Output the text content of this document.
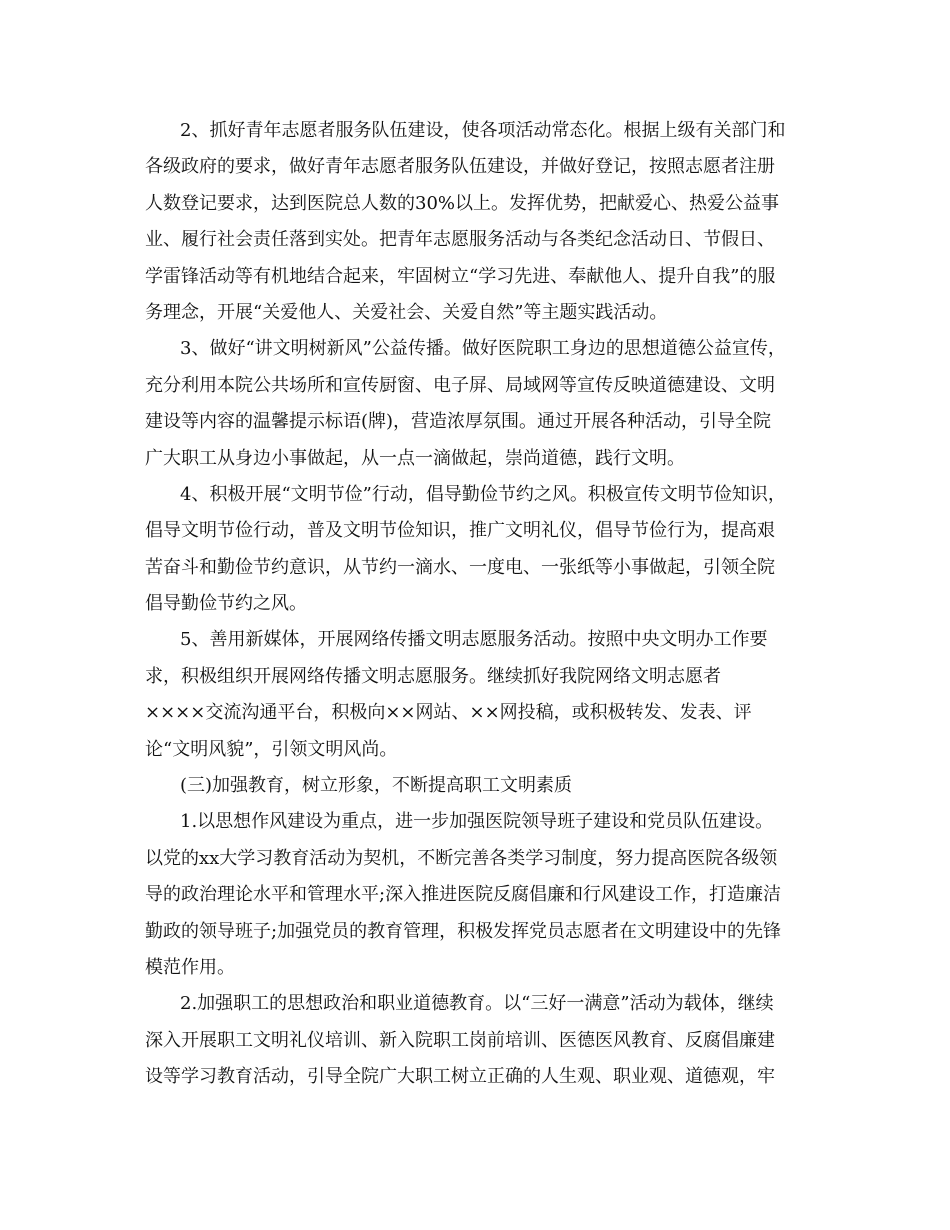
2、抓好青年志愿者服务队伍建设，使各项活动常态化。根据上级有关部门和
各级政府的要求，做好青年志愿者服务队伍建设，并做好登记，按照志愿者注册
人数登记要求，达到医院总人数的30%以上。发挥优势，把献爱心、热爱公益事
业、履行社会责任落到实处。把青年志愿服务活动与各类纪念活动日、节假日、
学雷锋活动等有机地结合起来，牢固树立“学习先进、奉献他人、提升自我”的服
务理念，开展“关爱他人、关爱社会、关爱自然”等主题实践活动。
3、做好“讲文明树新风”公益传播。做好医院职工身边的思想道德公益宣传，
充分利用本院公共场所和宣传厨窗、电子屏、局域网等宣传反映道德建设、文明
建设等内容的温馨提示标语(牌)，营造浓厚氛围。通过开展各种活动，引导全院
广大职工从身边小事做起，从一点一滴做起，崇尚道德，践行文明。
4、积极开展“文明节俭”行动，倡导勤俭节约之风。积极宣传文明节俭知识，
倡导文明节俭行动，普及文明节俭知识，推广文明礼仪，倡导节俭行为，提高艰
苦奋斗和勤俭节约意识，从节约一滴水、一度电、一张纸等小事做起，引领全院
倡导勤俭节约之风。
5、善用新媒体，开展网络传播文明志愿服务活动。按照中央文明办工作要
求，积极组织开展网络传播文明志愿服务。继续抓好我院网络文明志愿者
××××交流沟通平台，积极向××网站、××网投稿，或积极转发、发表、评
论“文明风貌”，引领文明风尚。
(三)加强教育，树立形象，不断提高职工文明素质
1.以思想作风建设为重点，进一步加强医院领导班子建设和党员队伍建设。
以党的xx大学习教育活动为契机，不断完善各类学习制度，努力提高医院各级领
导的政治理论水平和管理水平;深入推进医院反腐倡廉和行风建设工作，打造廉洁
勤政的领导班子;加强党员的教育管理，积极发挥党员志愿者在文明建设中的先锋
模范作用。
2.加强职工的思想政治和职业道德教育。以“三好一满意”活动为载体，继续
深入开展职工文明礼仪培训、新入院职工岗前培训、医德医风教育、反腐倡廉建
设等学习教育活动，引导全院广大职工树立正确的人生观、职业观、道德观，牢
